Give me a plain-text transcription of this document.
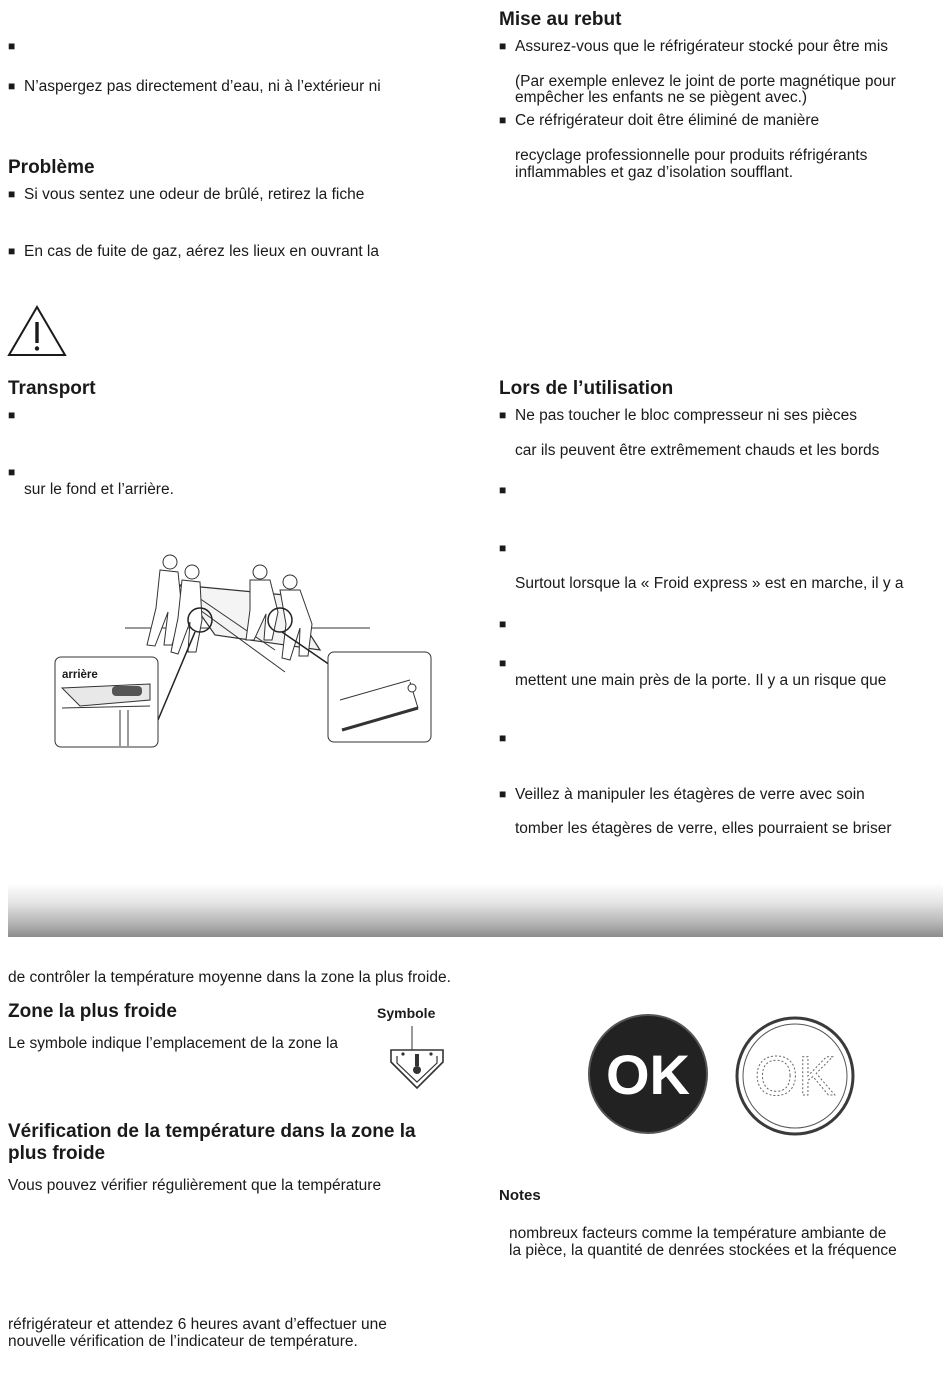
■
■ N’aspergez pas directement d’eau, ni à l’extérieur ni

Problème
■ Si vous sentez une odeur de brûlé, retirez la fiche

■ En cas de fuite de gaz, aérez les lieux en ouvrant la

Transport
■
■

sur le fond et l’arrière.

arrière
Mise au rebut
■ Assurez-vous que le réfrigérateur stocké pour être mis

(Par exemple enlevez le joint de porte magnétique pour

empêcher les enfants ne se piègent avec.)

■ Ce réfrigérateur doit être éliminé de manière

recyclage professionnelle pour produits réfrigérants

inflammables et gaz d’isolation soufflant.

Lors de l’utilisation
■ Ne pas toucher le bloc compresseur ni ses pièces

car ils peuvent être extrêmement chauds et les bords

■
■

Surtout lorsque la « Froid express » est en marche, il y a

■
■

mettent une main près de la porte. Il y a un risque que

■
■ Veillez à manipuler les étagères de verre avec soin

tomber les étagères de verre, elles pourraient se briser

de contrôler la température moyenne dans la zone la plus froide.

Zone la plus froide	Symbole

Le symbole indique l’emplacement de la zone la

Vérification de la température dans la zone la
plus froide

Vous pouvez vérifier régulièrement que la température

réfrigérateur et attendez 6 heures avant d’effectuer une

nouvelle vérification de l’indicateur de température.

OK OK
Notes

nombreux facteurs comme la température ambiante de

la pièce, la quantité de denrées stockées et la fréquence
